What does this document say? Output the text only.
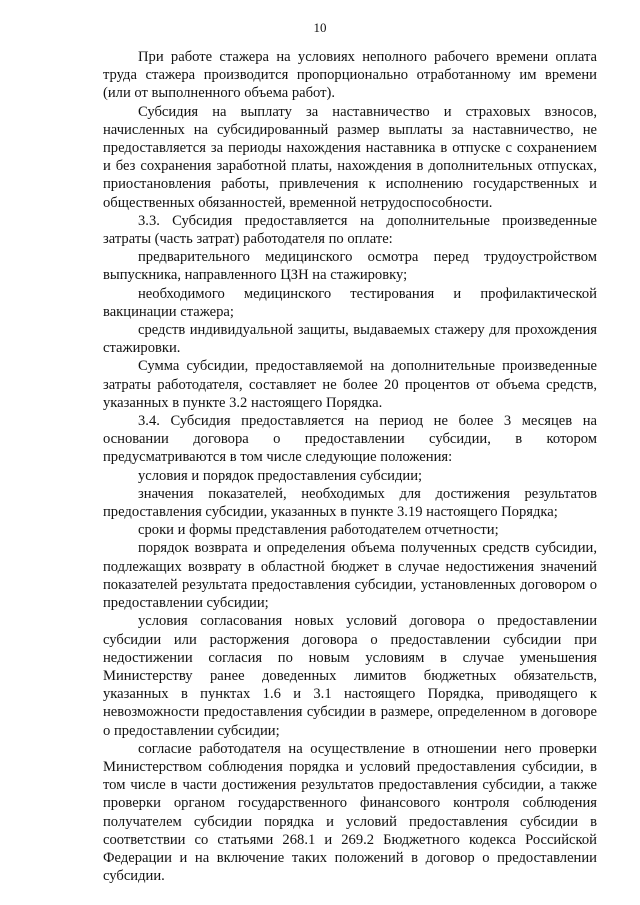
10

При работе стажера на условиях неполного рабочего времени оплата труда стажера производится пропорционально отработанному им времени (или от выполненного объема работ).

Субсидия на выплату за наставничество и страховых взносов, начисленных на субсидированный размер выплаты за наставничество, не предоставляется за периоды нахождения наставника в отпуске с сохранением и без сохранения заработной платы, нахождения в дополнительных отпусках, приостановления работы, привлечения к исполнению государственных и общественных обязанностей, временной нетрудоспособности.

3.3. Субсидия предоставляется на дополнительные произведенные затраты (часть затрат) работодателя по оплате:

предварительного медицинского осмотра перед трудоустройством выпускника, направленного ЦЗН на стажировку;

необходимого медицинского тестирования и профилактической вакцинации стажера;

средств индивидуальной защиты, выдаваемых стажеру для прохождения стажировки.

Сумма субсидии, предоставляемой на дополнительные произведенные затраты работодателя, составляет не более 20 процентов от объема средств, указанных в пункте 3.2 настоящего Порядка.

3.4. Субсидия предоставляется на период не более 3 месяцев на основании договора о предоставлении субсидии, в котором предусматриваются в том числе следующие положения:

условия и порядок предоставления субсидии;

значения показателей, необходимых для достижения результатов предоставления субсидии, указанных в пункте 3.19 настоящего Порядка;

сроки и формы представления работодателем отчетности;

порядок возврата и определения объема полученных средств субсидии, подлежащих возврату в областной бюджет в случае недостижения значений показателей результата предоставления субсидии, установленных договором о предоставлении субсидии;

условия согласования новых условий договора о предоставлении субсидии или расторжения договора о предоставлении субсидии при недостижении согласия по новым условиям в случае уменьшения Министерству ранее доведенных лимитов бюджетных обязательств, указанных в пунктах 1.6 и 3.1 настоящего Порядка, приводящего к невозможности предоставления субсидии в размере, определенном в договоре о предоставлении субсидии;

согласие работодателя на осуществление в отношении него проверки Министерством соблюдения порядка и условий предоставления субсидии, в том числе в части достижения результатов предоставления субсидии, а также проверки органом государственного финансового контроля соблюдения получателем субсидии порядка и условий предоставления субсидии в соответствии со статьями 268.1 и 269.2 Бюджетного кодекса Российской Федерации и на включение таких положений в договор о предоставлении субсидии.
